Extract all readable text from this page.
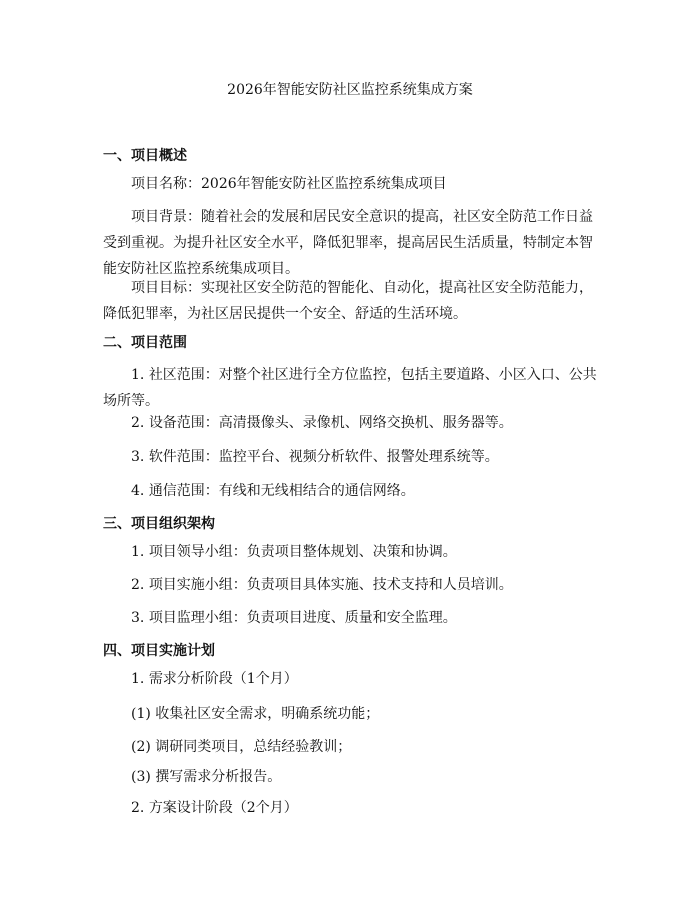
2026年智能安防社区监控系统集成方案
一、项目概述
项目名称：2026年智能安防社区监控系统集成项目
项目背景：随着社会的发展和居民安全意识的提高，社区安全防范工作日益受到重视。为提升社区安全水平，降低犯罪率，提高居民生活质量，特制定本智能安防社区监控系统集成项目。
项目目标：实现社区安全防范的智能化、自动化，提高社区安全防范能力，降低犯罪率，为社区居民提供一个安全、舒适的生活环境。
二、项目范围
1. 社区范围：对整个社区进行全方位监控，包括主要道路、小区入口、公共场所等。
2. 设备范围：高清摄像头、录像机、网络交换机、服务器等。
3. 软件范围：监控平台、视频分析软件、报警处理系统等。
4. 通信范围：有线和无线相结合的通信网络。
三、项目组织架构
1. 项目领导小组：负责项目整体规划、决策和协调。
2. 项目实施小组：负责项目具体实施、技术支持和人员培训。
3. 项目监理小组：负责项目进度、质量和安全监理。
四、项目实施计划
1. 需求分析阶段（1个月）
(1) 收集社区安全需求，明确系统功能；
(2) 调研同类项目，总结经验教训；
(3) 撰写需求分析报告。
2. 方案设计阶段（2个月）
